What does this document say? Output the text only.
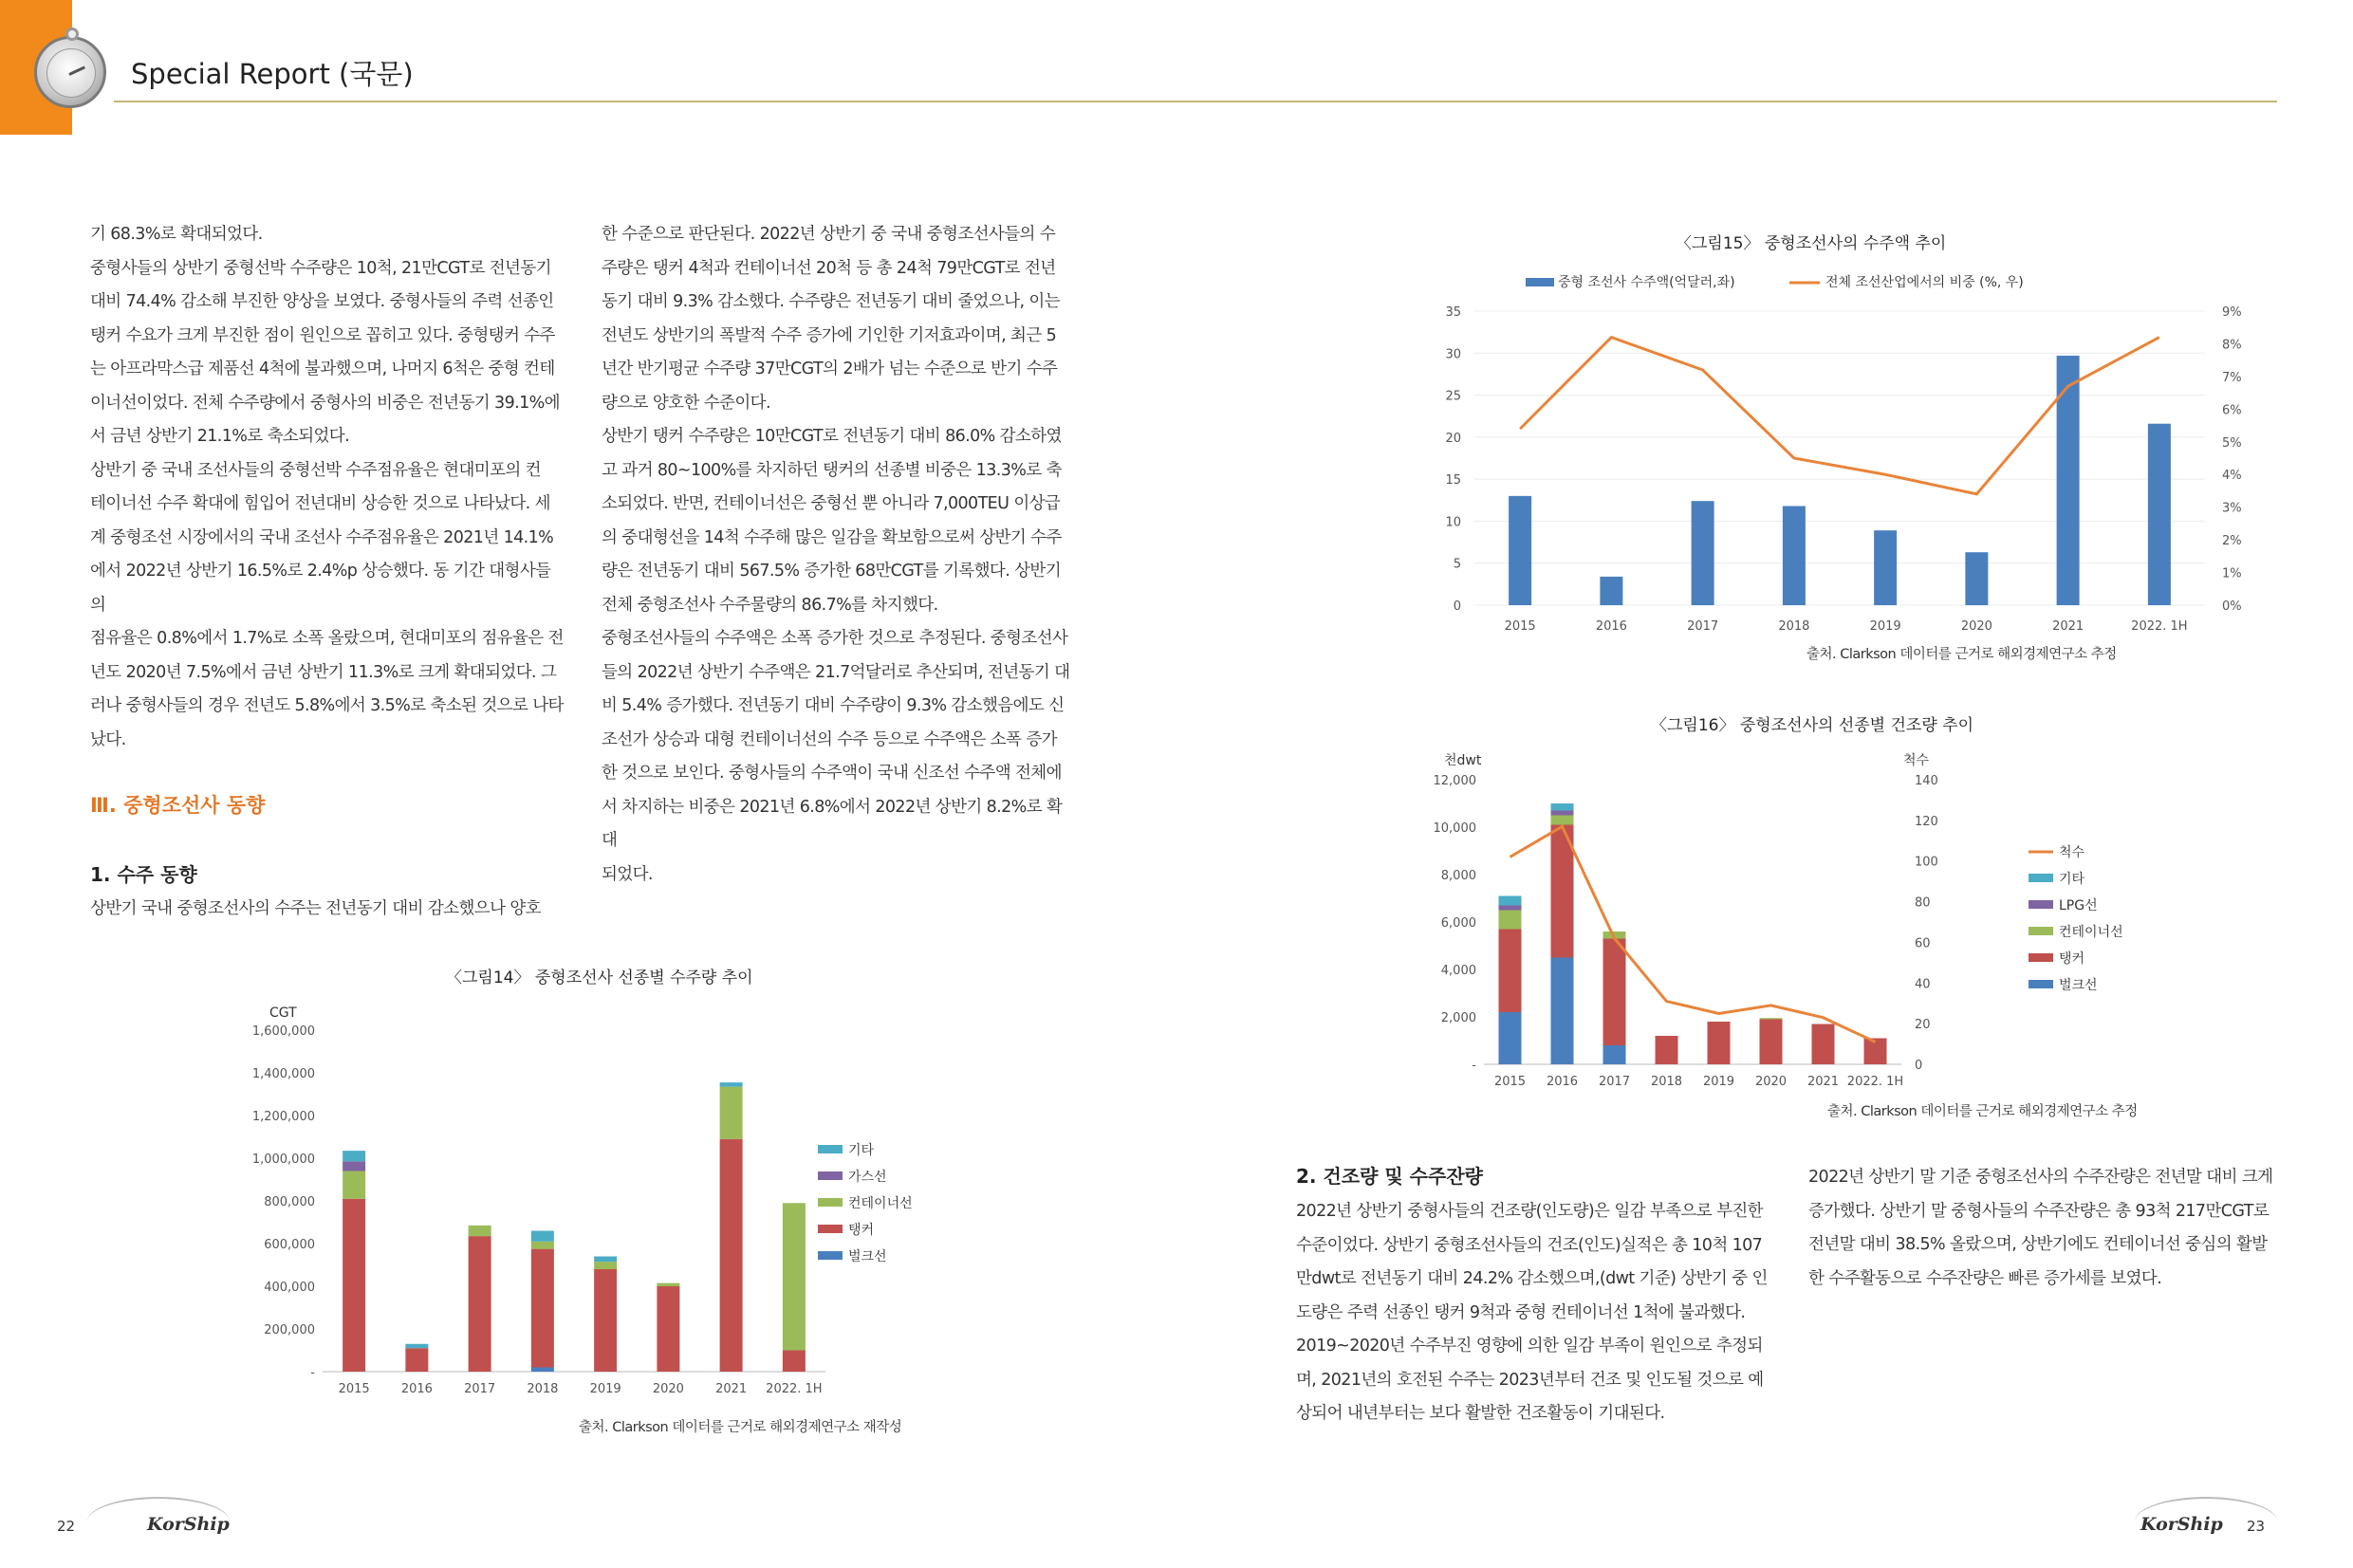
Special Report (국문)

기 68.3%로 확대되었다.

중형사들의 상반기 중형선박 수주량은 10척, 21만CGT로 전년동기

대비 74.4% 감소해 부진한 양상을 보였다. 중형사들의 주력 선종인

탱커 수요가 크게 부진한 점이 원인으로 꼽히고 있다. 중형탱커 수주

는 아프라막스급 제품선 4척에 불과했으며, 나머지 6척은 중형 컨테

이너선이었다. 전체 수주량에서 중형사의 비중은 전년동기 39.1%에

서 금년 상반기 21.1%로 축소되었다.

상반기 중 국내 조선사들의 중형선박 수주점유율은 현대미포의 컨

테이너선 수주 확대에 힘입어 전년대비 상승한 것으로 나타났다. 세

계 중형조선 시장에서의 국내 조선사 수주점유율은 2021년 14.1%

에서 2022년 상반기 16.5%로 2.4%p 상승했다. 동 기간 대형사들의

점유율은 0.8%에서 1.7%로 소폭 올랐으며, 현대미포의 점유율은 전

년도 2020년 7.5%에서 금년 상반기 11.3%로 크게 확대되었다. 그

러나 중형사들의 경우 전년도 5.8%에서 3.5%로 축소된 것으로 나타

났다.

Ⅲ. 중형조선사 동향
1. 수주 동향
상반기 국내 중형조선사의 수주는 전년동기 대비 감소했으나 양호

한 수준으로 판단된다. 2022년 상반기 중 국내 중형조선사들의 수

주량은 탱커 4척과 컨테이너선 20척 등 총 24척 79만CGT로 전년

동기 대비 9.3% 감소했다. 수주량은 전년동기 대비 줄었으나, 이는

전년도 상반기의 폭발적 수주 증가에 기인한 기저효과이며, 최근 5

년간 반기평균 수주량 37만CGT의 2배가 넘는 수준으로 반기 수주

량으로 양호한 수준이다.

상반기 탱커 수주량은 10만CGT로 전년동기 대비 86.0% 감소하였

고 과거 80~100%를 차지하던 탱커의 선종별 비중은 13.3%로 축

소되었다. 반면, 컨테이너선은 중형선 뿐 아니라 7,000TEU 이상급

의 중대형선을 14척 수주해 많은 일감을 확보함으로써 상반기 수주

량은 전년동기 대비 567.5% 증가한 68만CGT를 기록했다. 상반기

전체 중형조선사 수주물량의 86.7%를 차지했다.

중형조선사들의 수주액은 소폭 증가한 것으로 추정된다. 중형조선사

들의 2022년 상반기 수주액은 21.7억달러로 추산되며, 전년동기 대

비 5.4% 증가했다. 전년동기 대비 수주량이 9.3% 감소했음에도 신

조선가 상승과 대형 컨테이너선의 수주 등으로 수주액은 소폭 증가

한 것으로 보인다. 중형사들의 수주액이 국내 신조선 수주액 전체에

서 차지하는 비중은 2021년 6.8%에서 2022년 상반기 8.2%로 확대

되었다.

〈그림14〉 중형조선사 선종별 수주량 추이
-
200,000
400,000
600,000
800,000
1,000,000
1,200,000
1,400,000
1,600,000
CGT
2015	2016	2017	2018	2019	2020	2021 2022. 1H
기타
가스선
컨테이너선
탱커
벌크선
출처. Clarkson 데이터를 근거로 해외경제연구소 재작성
〈그림15〉 중형조선사의 수주액 추이
0
5
10
15
20
25
30
35
0%
1%
2%
3%
4%
5%
6%
7%
8%
9%
2015	2016	2017	2018	2019	2020	2021	2022. 1H
중형 조선사 수주액(억달러,좌)	전체 조선산업에서의 비중 (%, 우)
출처. Clarkson 데이터를 근거로 해외경제연구소 추정
〈그림16〉 중형조선사의 선종별 건조량 추이
-
2,000
4,000
6,000
8,000
10,000
12,000
천dwt
2015 2016 2017 2018 2019 2020 2021 2022. 1H
0
20
40
60
80
100
120
140
척수
척수
기타
LPG선
컨테이너선
탱커
벌크선
출처. Clarkson 데이터를 근거로 해외경제연구소 추정
2. 건조량 및 수주잔량

2022년 상반기 중형사들의 건조량(인도량)은 일감 부족으로 부진한

수준이었다. 상반기 중형조선사들의 건조(인도)실적은 총 10척 107

만dwt로 전년동기 대비 24.2% 감소했으며,(dwt 기준) 상반기 중 인

도량은 주력 선종인 탱커 9척과 중형 컨테이너선 1척에 불과했다.

2019~2020년 수주부진 영향에 의한 일감 부족이 원인으로 추정되

며, 2021년의 호전된 수주는 2023년부터 건조 및 인도될 것으로 예

상되어 내년부터는 보다 활발한 건조활동이 기대된다.

2022년 상반기 말 기준 중형조선사의 수주잔량은 전년말 대비 크게

증가했다. 상반기 말 중형사들의 수주잔량은 총 93척 217만CGT로

전년말 대비 38.5% 올랐으며, 상반기에도 컨테이너선 중심의 활발

한 수주활동으로 수주잔량은 빠른 증가세를 보였다.

22	KorShip	KorShip 23
